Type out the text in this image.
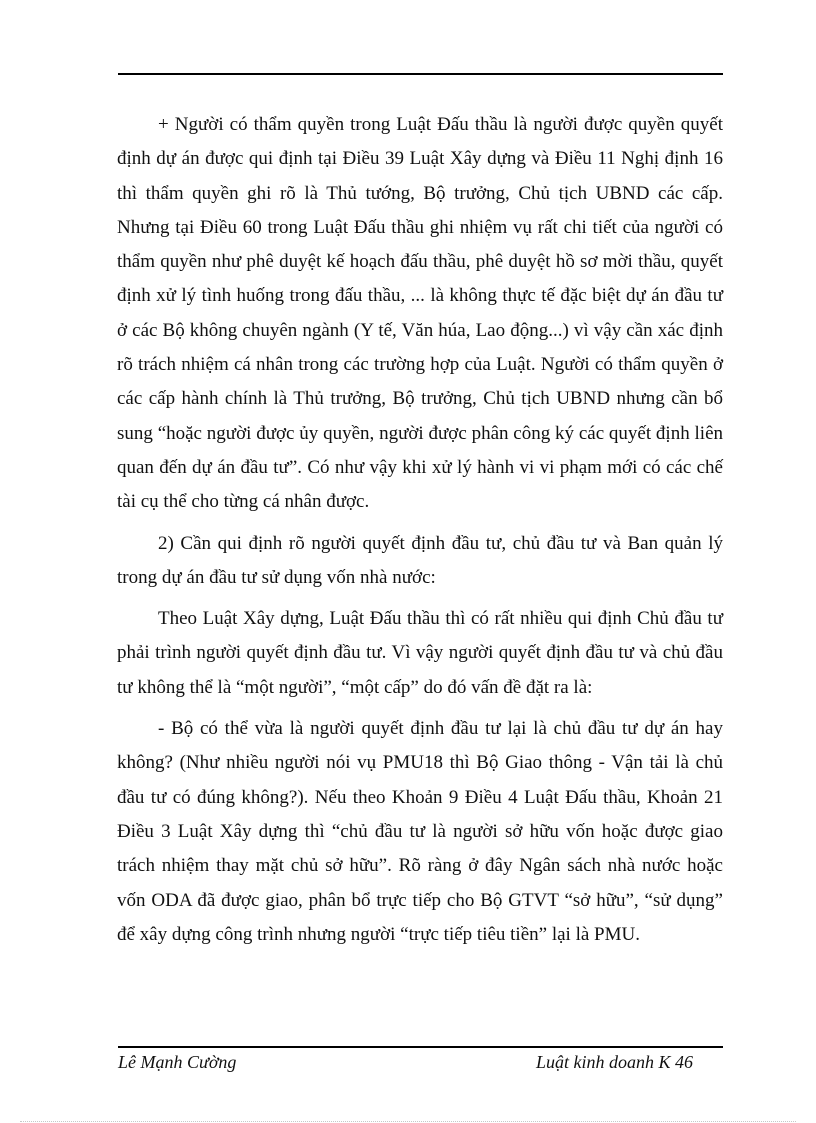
+ Người có thẩm quyền trong Luật Đấu thầu là người được quyền quyết định dự án được qui định tại Điều 39 Luật Xây dựng và Điều 11 Nghị định 16 thì thẩm quyền ghi rõ là Thủ tướng, Bộ trưởng, Chủ tịch UBND các cấp. Nhưng tại Điều 60 trong Luật Đấu thầu ghi nhiệm vụ rất chi tiết của người có thẩm quyền như phê duyệt kế hoạch đấu thầu, phê duyệt hồ sơ mời thầu, quyết định xử lý tình huống trong đấu thầu, ... là không thực tế đặc biệt dự án đầu tư ở các Bộ không chuyên ngành (Y tế, Văn húa, Lao động...) vì vậy cần xác định rõ trách nhiệm cá nhân trong các trường hợp của Luật. Người có thẩm quyền ở các cấp hành chính là Thủ trưởng, Bộ trưởng, Chủ tịch UBND nhưng cần bổ sung “hoặc người được ủy quyền, người được phân công ký các quyết định liên quan đến dự án đầu tư”. Có như vậy khi xử lý hành vi vi phạm mới có các chế tài cụ thể cho từng cá nhân được.

2) Cần qui định rõ người quyết định đầu tư, chủ đầu tư và Ban quản lý trong dự án đầu tư sử dụng vốn nhà nước:

Theo Luật Xây dựng, Luật Đấu thầu thì có rất nhiều qui định Chủ đầu tư phải trình người quyết định đầu tư. Vì vậy người quyết định đầu tư và chủ đầu tư không thể là “một người”, “một cấp” do đó vấn đề đặt ra là:

- Bộ có thể vừa là người quyết định đầu tư lại là chủ đầu tư dự án hay không? (Như nhiều người nói vụ PMU18 thì Bộ Giao thông - Vận tải là chủ đầu tư có đúng không?). Nếu theo Khoản 9 Điều 4 Luật Đấu thầu, Khoản 21 Điều 3 Luật Xây dựng thì “chủ đầu tư là người sở hữu vốn hoặc được giao trách nhiệm thay mặt chủ sở hữu”. Rõ ràng ở đây Ngân sách nhà nước hoặc vốn ODA đã được giao, phân bổ trực tiếp cho Bộ GTVT “sở hữu”, “sử dụng” để xây dựng công trình nhưng người “trực tiếp tiêu tiền” lại là PMU.

Lê Mạnh Cường	Luật kinh doanh K 46
